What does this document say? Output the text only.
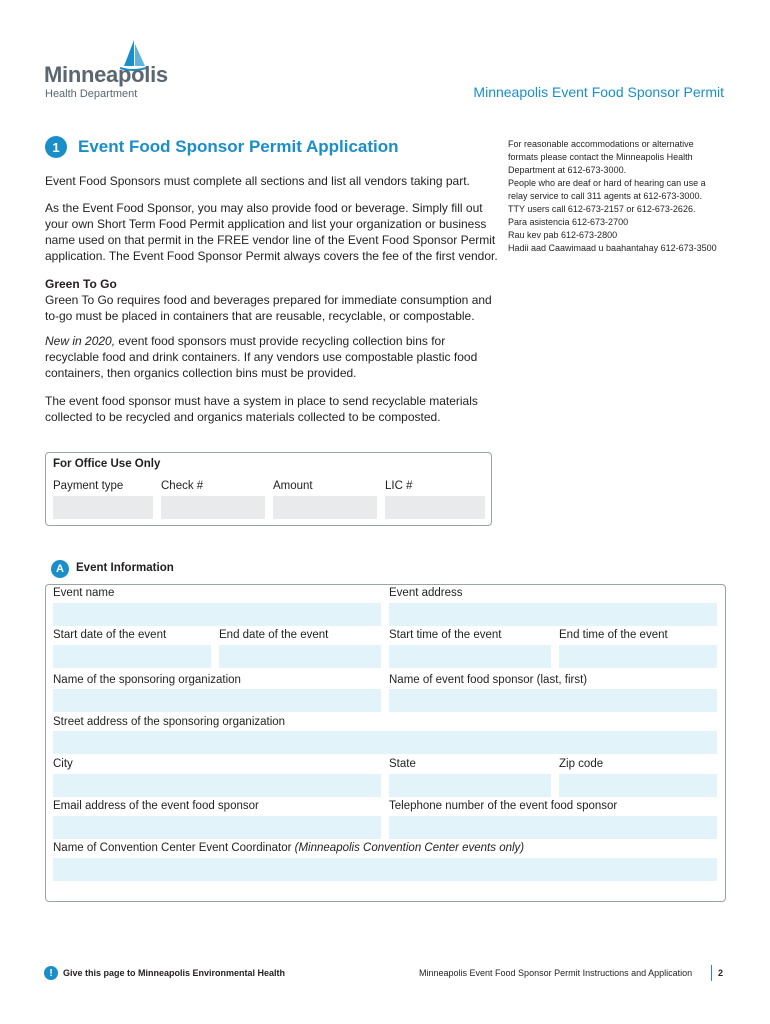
Minneapolis
Health Department	Minneapolis Event Food Sponsor Permit
1	Event Food Sponsor Permit Application
Event Food Sponsors must complete all sections and list all vendors taking part.
As the Event Food Sponsor, you may also provide food or beverage. Simply fill out your own Short Term Food Permit application and list your organization or business name used on that permit in the FREE vendor line of the Event Food Sponsor Permit application. The Event Food Sponsor Permit always covers the fee of the first vendor.
Green To Go
Green To Go requires food and beverages prepared for immediate consumption and to-go must be placed in containers that are reusable, recyclable, or compostable.
New in 2020, event food sponsors must provide recycling collection bins for recyclable food and drink containers. If any vendors use compostable plastic food containers, then organics collection bins must be provided.
The event food sponsor must have a system in place to send recyclable materials collected to be recycled and organics materials collected to be composted.
For reasonable accommodations or alternative
formats please contact the Minneapolis Health
Department at 612-673-3000.
People who are deaf or hard of hearing can use a
relay service to call 311 agents at 612-673-3000.
TTY users call 612-673-2157 or 612-673-2626.
Para asistencia 612-673-2700
Rau kev pab 612-673-2800
Hadii aad Caawimaad u baahantahay 612-673-3500
For Office Use Only
Payment type	Check #	Amount	LIC #
A	Event Information
Event name	Event address
Start date of the event	End date of the event	Start time of the event	End time of the event
Name of the sponsoring organization	Name of event food sponsor (last, first)
Street address of the sponsoring organization
City	State	Zip code
Email address of the event food sponsor	Telephone number of the event food sponsor
Name of Convention Center Event Coordinator (Minneapolis Convention Center events only)
!	Give this page to Minneapolis Environmental Health	Minneapolis Event Food Sponsor Permit Instructions and Application	2
